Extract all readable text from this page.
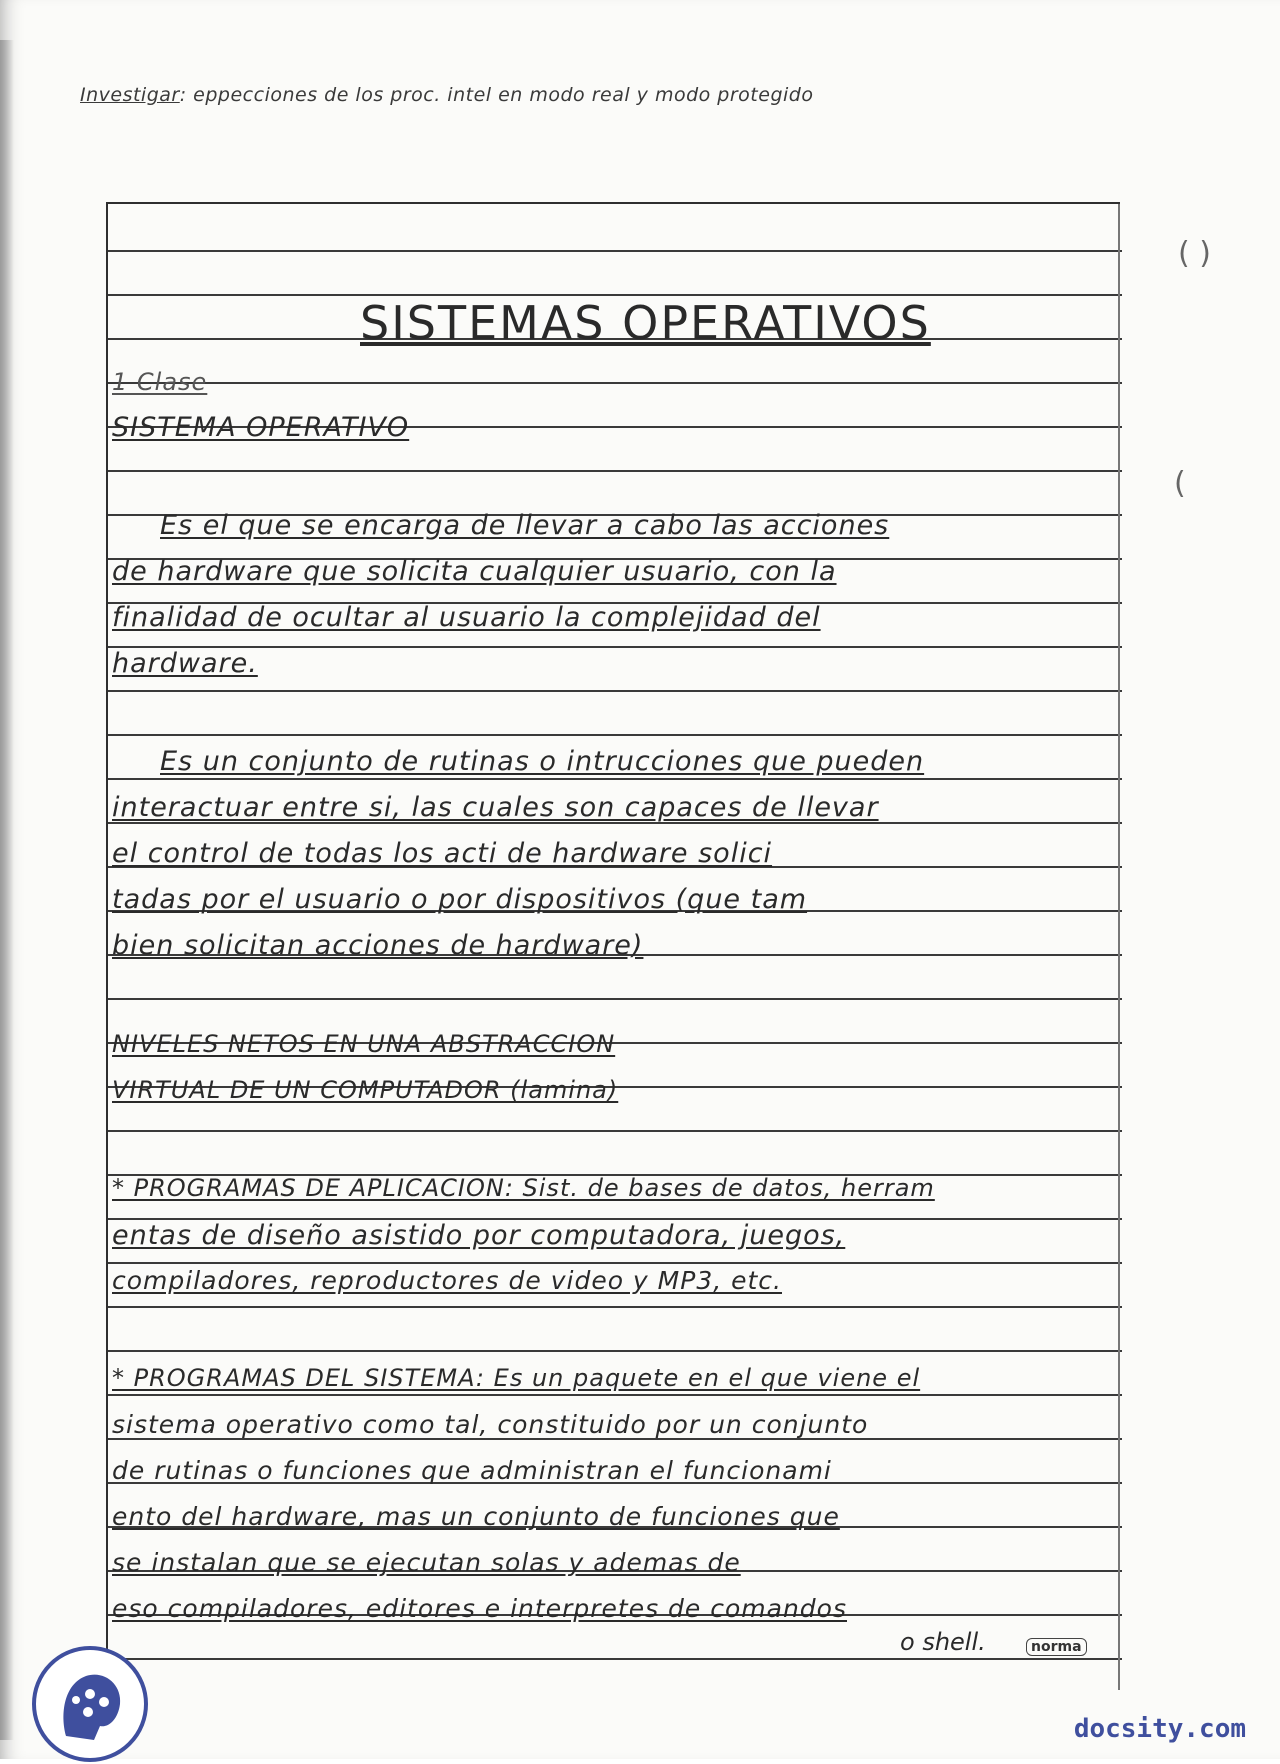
Investigar: eppecciones de los proc. intel en modo real y modo protegido
SISTEMAS OPERATIVOS
1 Clase
SISTEMA OPERATIVO
Es el que se encarga de llevar a cabo las acciones
de hardware que solicita cualquier usuario, con la
finalidad de ocultar al usuario la complejidad del
hardware.
Es un conjunto de rutinas o intrucciones que pueden
interactuar entre si, las cuales son capaces de llevar
el control de todas los acti de hardware solici
tadas por el usuario o por dispositivos (que tam
bien solicitan acciones de hardware)
NIVELES NETOS EN UNA ABSTRACCION
VIRTUAL DE UN COMPUTADOR (lamina)
* PROGRAMAS DE APLICACION: Sist. de bases de datos, herram
entas de diseño asistido por computadora, juegos,
compiladores, reproductores de video y MP3, etc.
* PROGRAMAS DEL SISTEMA: Es un paquete en el que viene el
sistema operativo como tal, constituido por un conjunto
de rutinas o funciones que administran el funcionami
ento del hardware, mas un conjunto de funciones que
se instalan que se ejecutan solas y ademas de
eso compiladores, editores e interpretes de comandos
o shell.	norma
( )
(
docsity.com
